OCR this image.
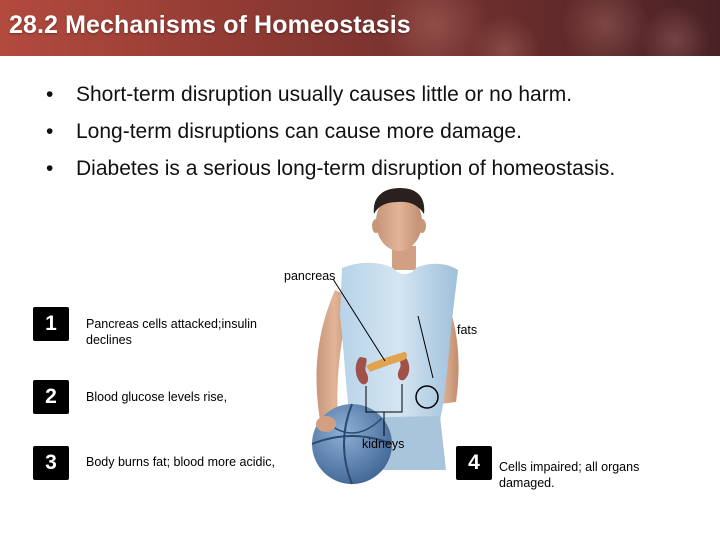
28.2 Mechanisms of Homeostasis
• Short-term disruption usually causes little or no harm.
• Long-term disruptions can cause more damage.
• Diabetes is a serious long-term disruption of homeostasis.
pancreas
fats
kidneys
1	Pancreas cells attacked;insulin declines
2	Blood glucose levels rise,
3	Body burns fat; blood more acidic,	4	Cells impaired; all organs damaged.
